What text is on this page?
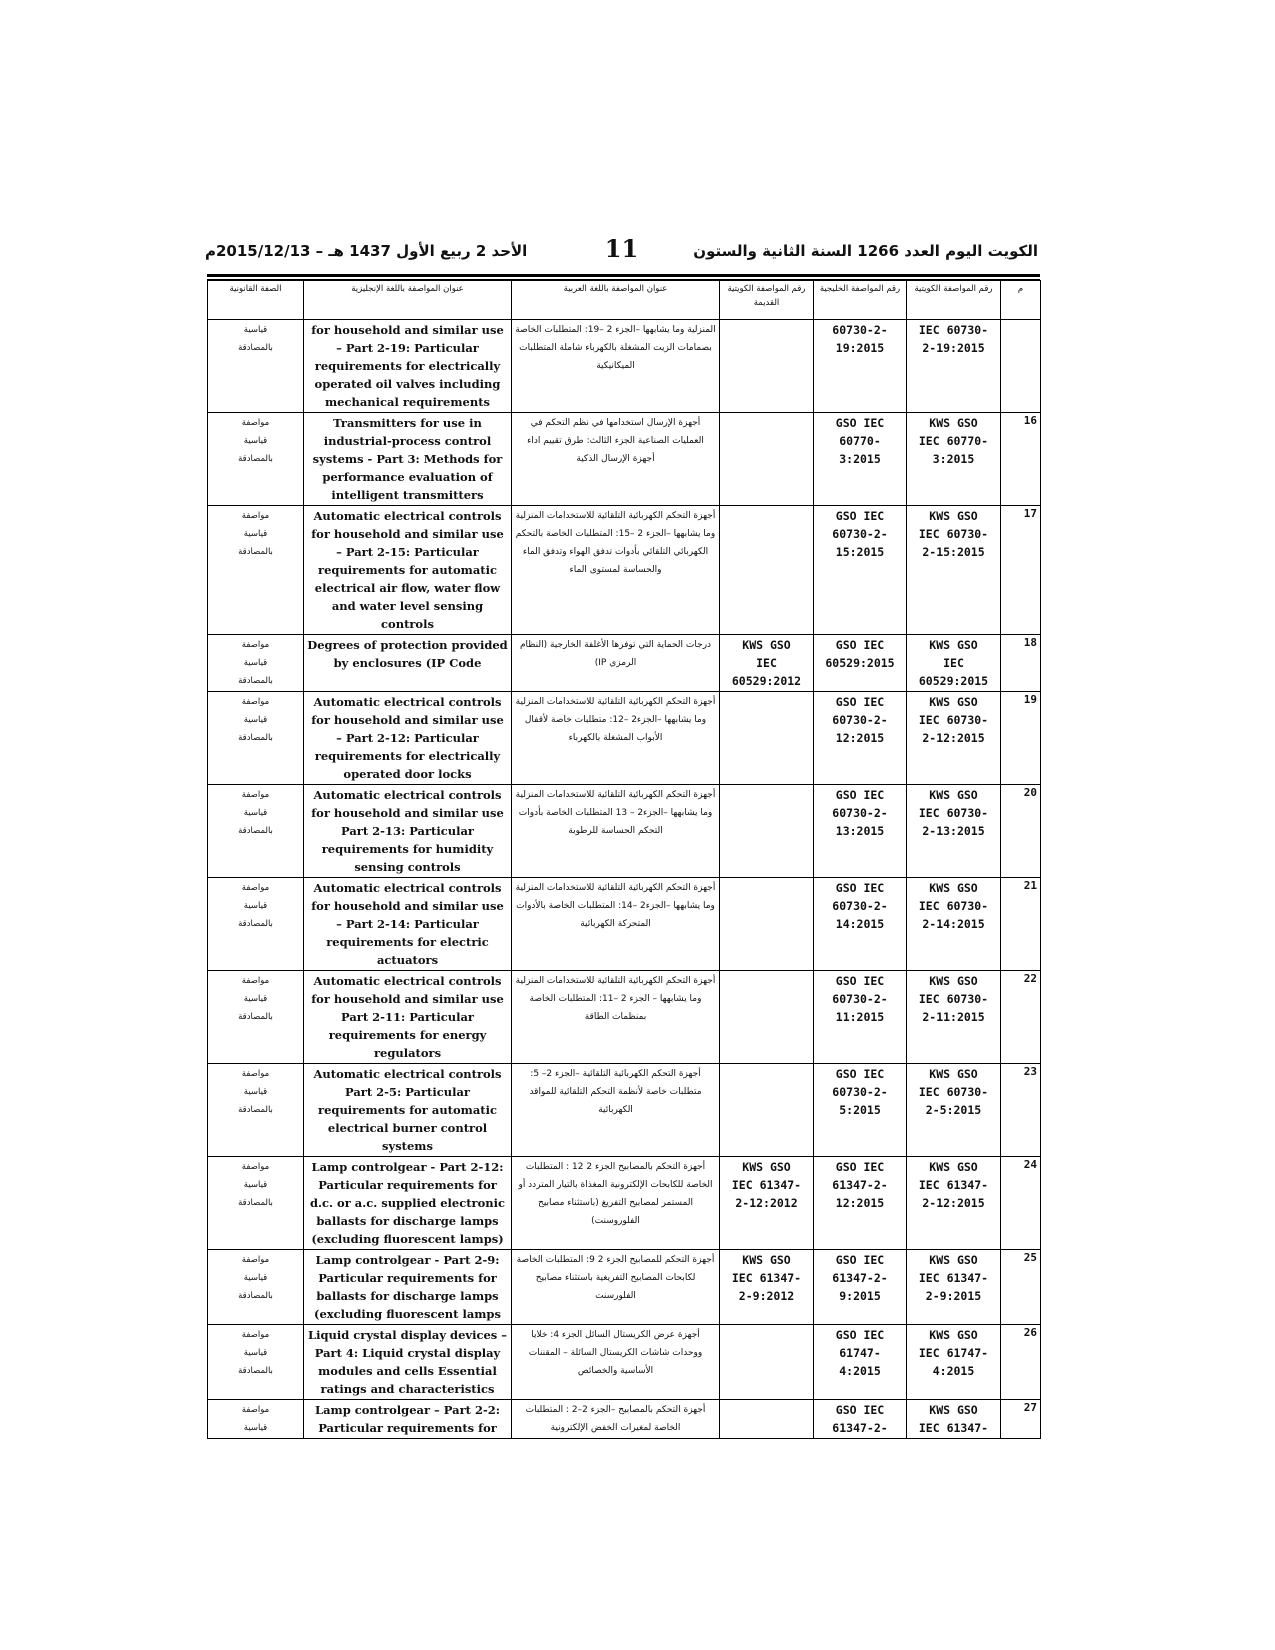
الكويت اليوم العدد 1266 السنة الثانية والستون
11
الأحد 2 ربيع الأول 1437 هـ – 2015/12/13م
م	رقم المواصفة الكويتية	رقم المواصفة الخليجية	رقم المواصفة الكويتية القديمة	عنوان المواصفة باللغة العربية	عنوان المواصفة باللغة الإنجليزية	الصفة القانونية
	IEC 60730-
2-19:2015	60730-2-
19:2015		المنزلية وما يشابهها –الجزء 2 –19: المتطلبات الخاصة بصمامات الزيت المشغلة بالكهرباء شاملة المتطلبات الميكانيكية	for household and similar use – Part 2-19: Particular requirements for electrically operated oil valves including mechanical requirements	قياسية
بالمصادقة
16	KWS GSO
IEC 60770-
3:2015	GSO IEC
60770-
3:2015		أجهزة الإرسال استخدامها في نظم التحكم في العمليات الصناعية الجزء الثالث: طرق تقييم اداء أجهزة الإرسال الذكية	Transmitters for use in industrial-process control systems - Part 3: Methods for performance evaluation of intelligent transmitters	مواصفة
قياسية
بالمصادقة
17	KWS GSO
IEC 60730-
2-15:2015	GSO IEC
60730-2-
15:2015		أجهزة التحكم الكهربائية التلقائية للاستخدامات المنزلية وما يشابهها –الجزء 2 –15: المتطلبات الخاصة بالتحكم الكهربائي التلقائي بأدوات تدفق الهواء وتدفق الماء والحساسة لمستوى الماء	Automatic electrical controls for household and similar use – Part 2-15: Particular requirements for automatic electrical air flow, water flow and water level sensing controls	مواصفة
قياسية
بالمصادقة
18	KWS GSO
IEC
60529:2015	GSO IEC
60529:2015	KWS GSO
IEC
60529:2012	درجات الحماية التي توفرها الأغلفة الخارجية (النظام الرمزي IP)	Degrees of protection provided by enclosures (IP Code	مواصفة
قياسية
بالمصادقة
19	KWS GSO
IEC 60730-
2-12:2015	GSO IEC
60730-2-
12:2015		أجهزة التحكم الكهربائية التلقائية للاستخدامات المنزلية وما يشابهها –الجزء2 –12: متطلبات خاصة لأقفال الأبواب المشغلة بالكهرباء	Automatic electrical controls for household and similar use – Part 2-12: Particular requirements for electrically operated door locks	مواصفة
قياسية
بالمصادقة
20	KWS GSO
IEC 60730-
2-13:2015	GSO IEC
60730-2-
13:2015		أجهزة التحكم الكهربائية التلقائية للاستخدامات المنزلية وما يشابهها –الجزء2 – 13 المتطلبات الخاصة بأدوات التحكم الحساسة للرطوبة	Automatic electrical controls for household and similar use Part 2-13: Particular requirements for humidity sensing controls	مواصفة
قياسية
بالمصادقة
21	KWS GSO
IEC 60730-
2-14:2015	GSO IEC
60730-2-
14:2015		أجهزة التحكم الكهربائية التلقائية للاستخدامات المنزلية وما يشابهها –الجزء2 –14: المتطلبات الخاصة بالأدوات المتحركة الكهربائية	Automatic electrical controls for household and similar use – Part 2-14: Particular requirements for electric actuators	مواصفة
قياسية
بالمصادقة
22	KWS GSO
IEC 60730-
2-11:2015	GSO IEC
60730-2-
11:2015		أجهزة التحكم الكهربائية التلقائية للاستخدامات المنزلية وما يشابهها – الجزء 2 –11: المتطلبات الخاصة بمنظمات الطاقة	Automatic electrical controls for household and similar use Part 2-11: Particular requirements for energy regulators	مواصفة
قياسية
بالمصادقة
23	KWS GSO
IEC 60730-
2-5:2015	GSO IEC
60730-2-
5:2015		أجهزة التحكم الكهربائية التلقائية –الجزء 2– 5: متطلبات خاصة لأنظمة التحكم التلقائية للمواقد الكهربائية	Automatic electrical controls Part 2-5: Particular requirements for automatic electrical burner control systems	مواصفة
قياسية
بالمصادقة
24	KWS GSO
IEC 61347-
2-12:2015	GSO IEC
61347-2-
12:2015	KWS GSO
IEC 61347-
2-12:2012	أجهزة التحكم بالمصابيح الجزء 2 12 : المتطلبات الخاصة للكابحات الإلكترونية المغذاة بالتيار المتردد أو المستمر لمصابيح التفريغ (باستثناء مصابيح الفلوروسنت)	Lamp controlgear - Part 2-12: Particular requirements for d.c. or a.c. supplied electronic ballasts for discharge lamps (excluding fluorescent lamps)	مواصفة
قياسية
بالمصادقة
25	KWS GSO
IEC 61347-
2-9:2015	GSO IEC
61347-2-
9:2015	KWS GSO
IEC 61347-
2-9:2012	أجهزة التحكم للمصابيح الجزء 2 9: المتطلبات الخاصة لكابحات المصابيح التفريغية باستثناء مصابيح الفلورسنت	Lamp controlgear - Part 2-9: Particular requirements for ballasts for discharge lamps (excluding fluorescent lamps	مواصفة
قياسية
بالمصادقة
26	KWS GSO
IEC 61747-
4:2015	GSO IEC
61747-
4:2015		أجهزة عرض الكريستال السائل الجزء 4: خلايا ووحدات شاشات الكريستال السائلة – المقننات الأساسية والخصائص	Liquid crystal display devices – Part 4: Liquid crystal display modules and cells Essential ratings and characteristics	مواصفة
قياسية
بالمصادقة
27	KWS GSO
IEC 61347-	GSO IEC
61347-2-		أجهزة التحكم بالمصابيح –الجزء 2–2 : المتطلبات الخاصة لمغيرات الخفض الإلكترونية	Lamp controlgear – Part 2-2: Particular requirements for	مواصفة
قياسية
